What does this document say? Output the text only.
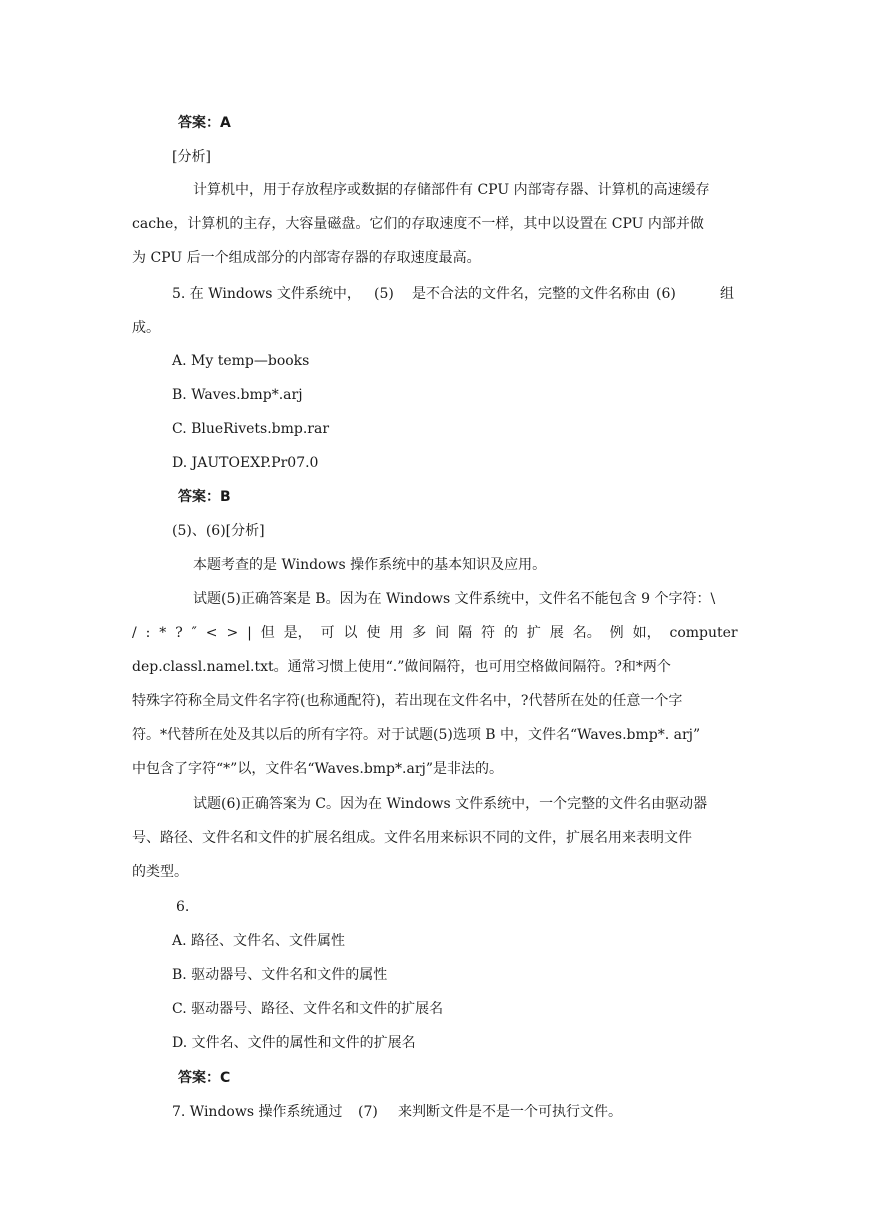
答案：A
[分析]
计算机中，用于存放程序或数据的存储部件有 CPU 内部寄存器、计算机的高速缓存
cache，计算机的主存，大容量磁盘。它们的存取速度不一样，其中以设置在 CPU 内部并做
为 CPU 后一个组成部分的内部寄存器的存取速度最高。
5. 在 Windows 文件系统中， (5) 是不合法的文件名，完整的文件名称由 (6)	组
成。
A. My temp—books
B. Waves.bmp*.arj
C. BlueRivets.bmp.rar
D. JAUTOEXP.Pr07.0
答案：B
(5)、(6)[分析]
本题考查的是 Windows 操作系统中的基本知识及应用。
试题(5)正确答案是 B。因为在 Windows 文件系统中，文件名不能包含 9 个字符：\
/ : * ? ″ < > | 但 是， 可 以 使 用 多 间 隔 符 的 扩 展 名。 例 如， computer
dep.classl.namel.txt。通常习惯上使用“.”做间隔符，也可用空格做间隔符。?和*两个
特殊字符称全局文件名字符(也称通配符)，若出现在文件名中，?代替所在处的任意一个字
符。*代替所在处及其以后的所有字符。对于试题(5)选项 B 中，文件名“Waves.bmp*. arj”
中包含了字符“*”以，文件名“Waves.bmp*.arj”是非法的。
试题(6)正确答案为 C。因为在 Windows 文件系统中，一个完整的文件名由驱动器
号、路径、文件名和文件的扩展名组成。文件名用来标识不同的文件，扩展名用来表明文件
的类型。
6.
A. 路径、文件名、文件属性
B. 驱动器号、文件名和文件的属性
C. 驱动器号、路径、文件名和文件的扩展名
D. 文件名、文件的属性和文件的扩展名
答案：C
7. Windows 操作系统通过 (7) 来判断文件是不是一个可执行文件。
